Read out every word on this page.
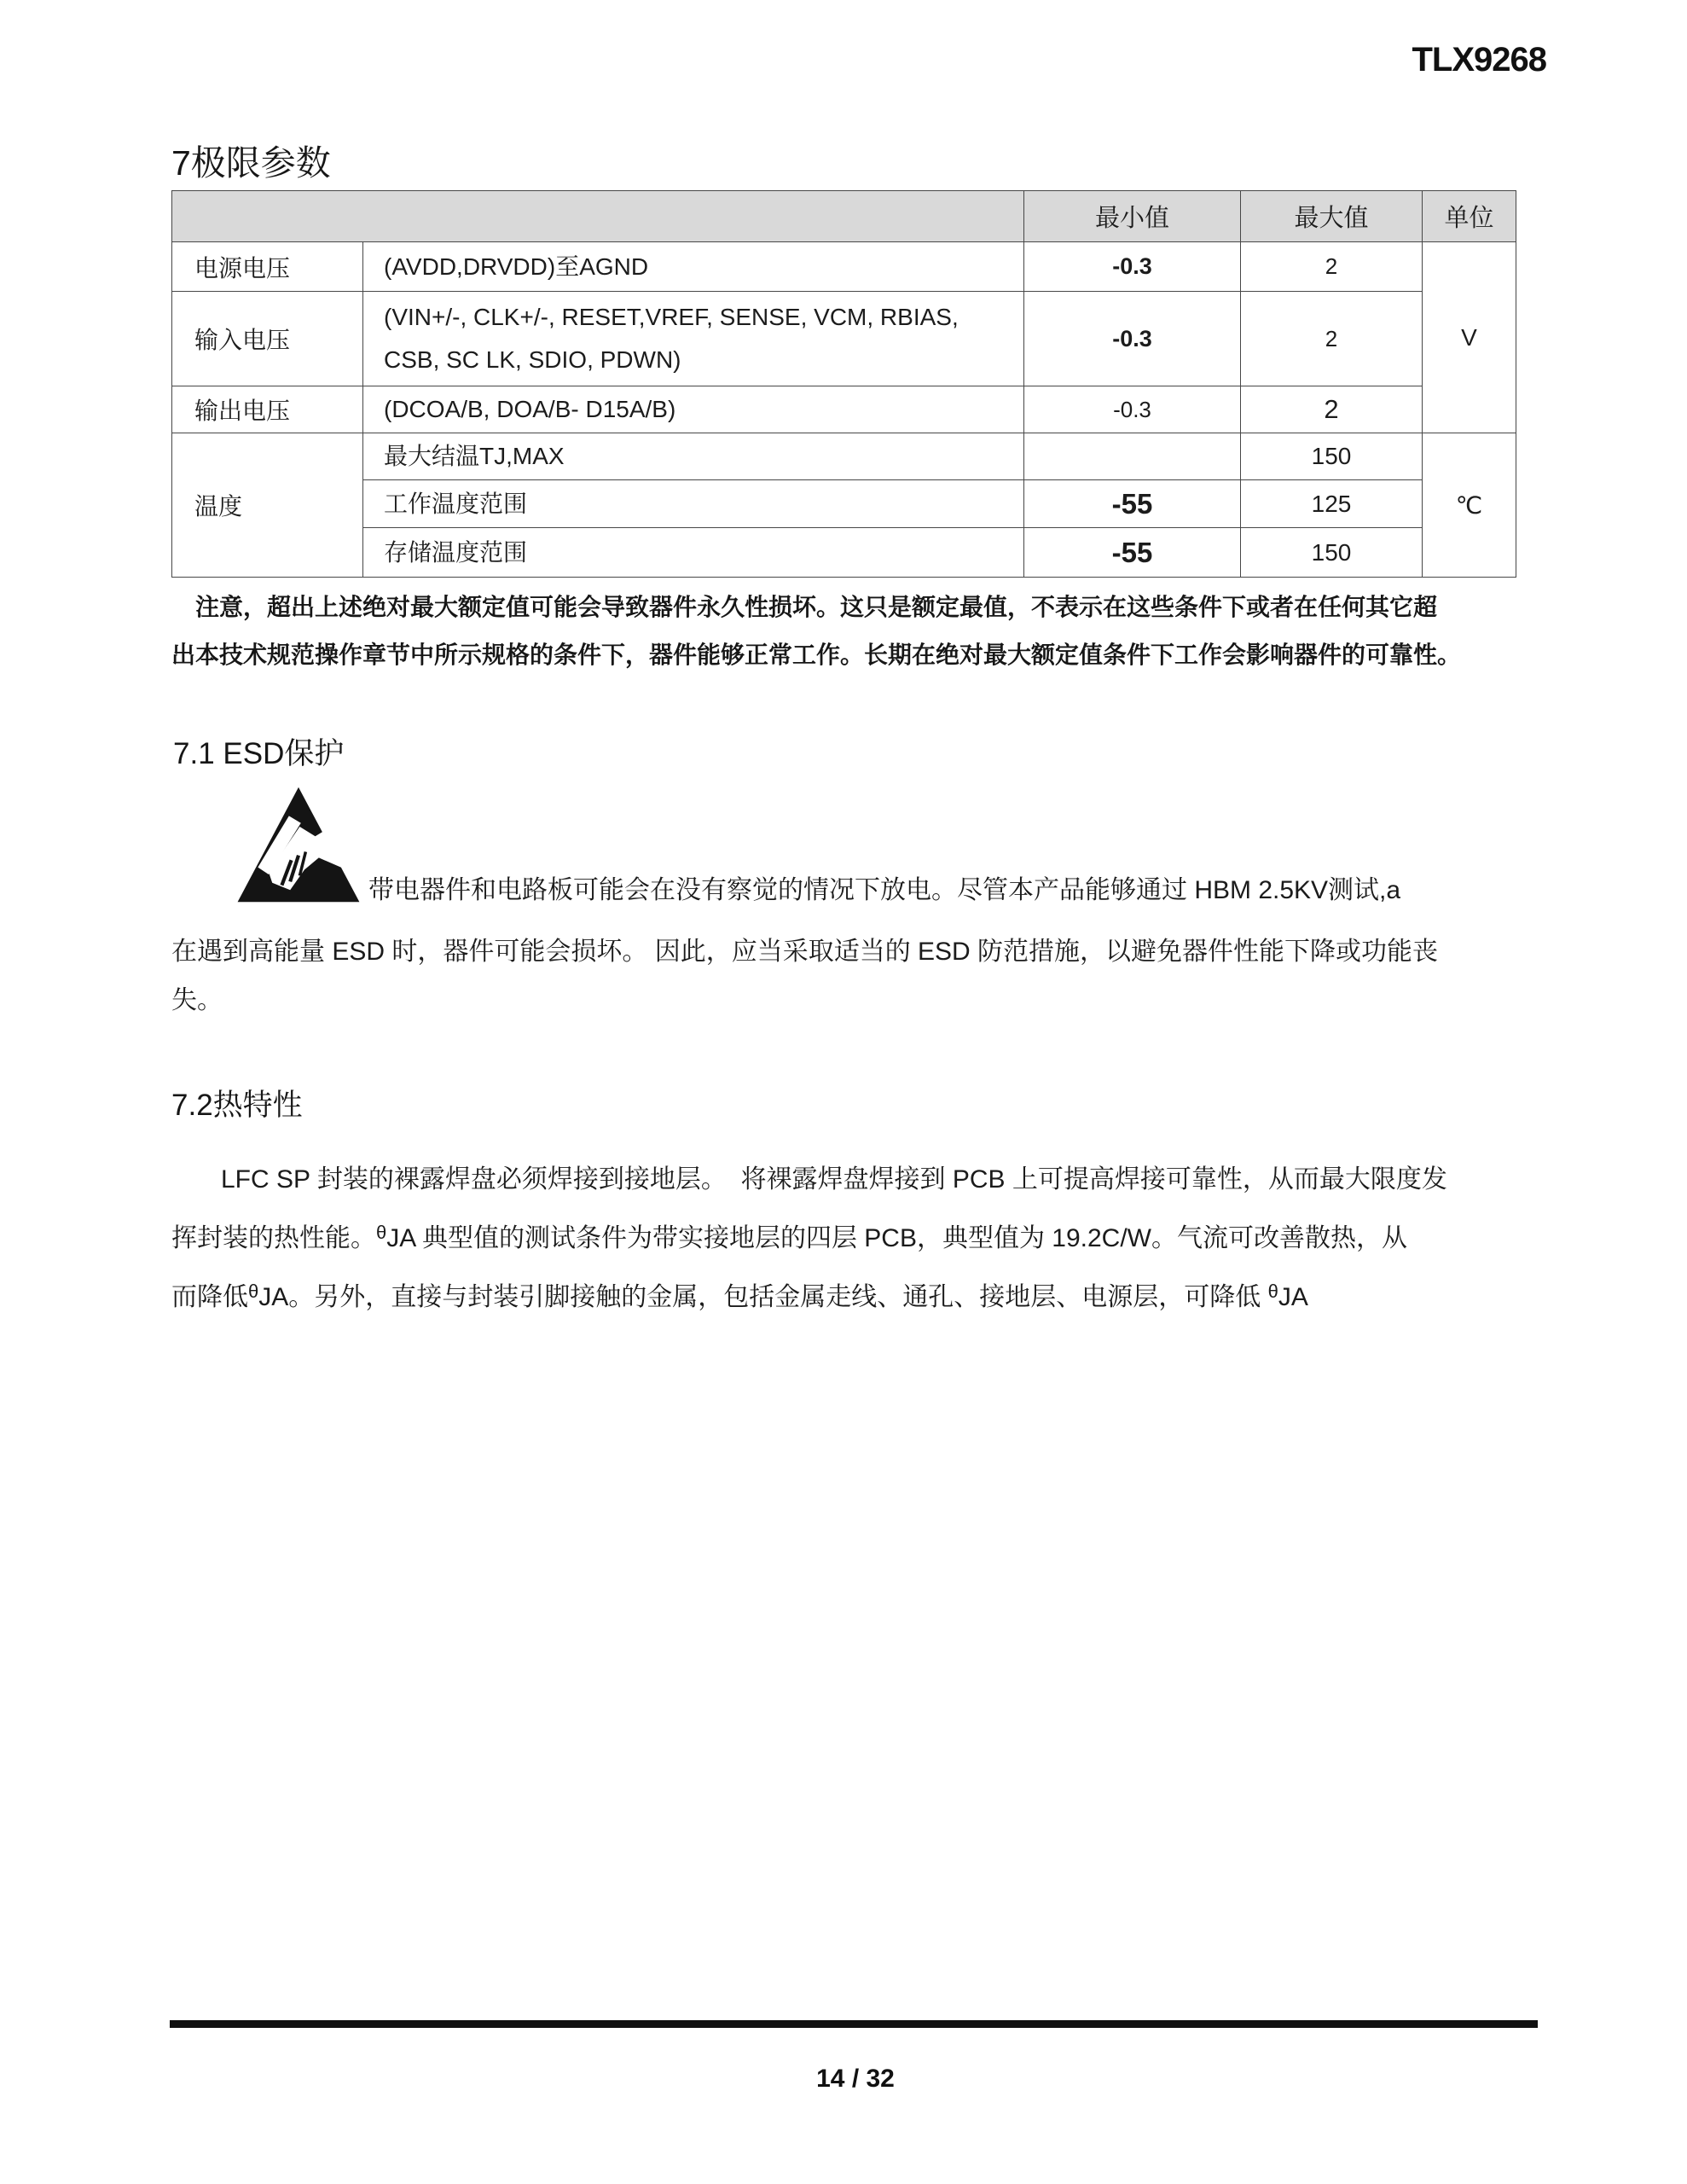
TLX9268
7极限参数
		最小值	最大值	单位
电源电压	(AVDD,DRVDD)至AGND	-0.3	2	V
输入电压	(VIN+/-, CLK+/-, RESET,VREF, SENSE, VCM, RBIAS, CSB, SC LK, SDIO, PDWN)	-0.3	2	
输出电压	(DCOA/B, DOA/B- D15A/B)	-0.3	2	
温度	最大结温TJ,MAX		150	℃
	工作温度范围	-55	125	
	存储温度范围	-55	150	
注意，超出上述绝对最大额定值可能会导致器件永久性损坏。这只是额定最值，不表示在这些条件下或者在任何其它超
出本技术规范操作章节中所示规格的条件下，器件能够正常工作。长期在绝对最大额定值条件下工作会影响器件的可靠性。
7.1 ESD保护
带电器件和电路板可能会在没有察觉的情况下放电。尽管本产品能够通过 HBM 2.5KV测试,a
在遇到高能量 ESD 时，器件可能会损坏。 因此，应当采取适当的 ESD 防范措施，以避免器件性能下降或功能丧
失。
7.2热特性
LFC SP 封装的裸露焊盘必须焊接到接地层。  将裸露焊盘焊接到 PCB 上可提高焊接可靠性，从而最大限度发
挥封装的热性能。$^\theta$JA 典型值的测试条件为带实接地层的四层 PCB，典型值为 19.2C/W。气流可改善散热，从
而降低$^\theta$JA。另外，直接与封装引脚接触的金属，包括金属走线、通孔、接地层、电源层，可降低 $^\theta$JA
14 / 32
